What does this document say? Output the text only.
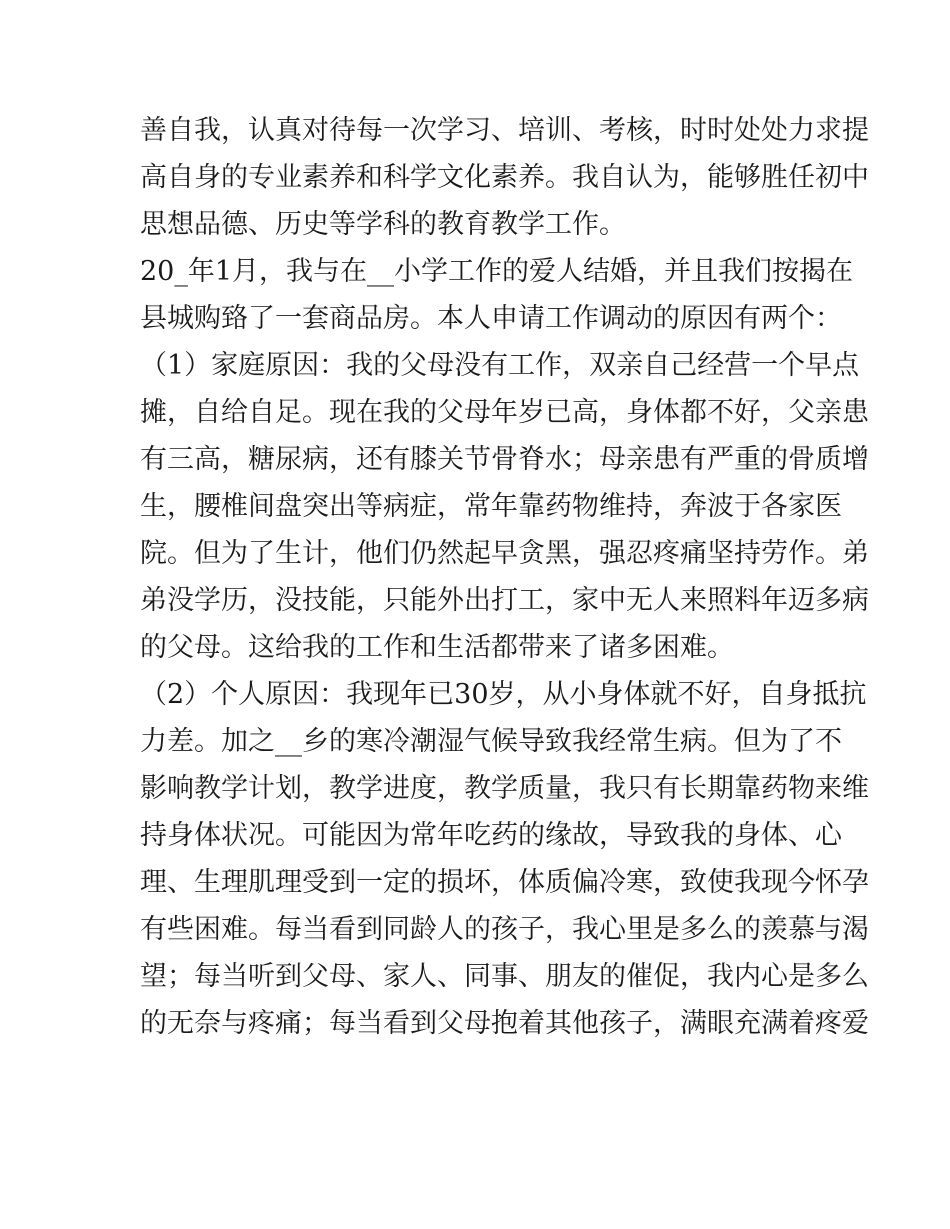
善自我，认真对待每一次学习、培训、考核，时时处处力求提
高自身的专业素养和科学文化素养。我自认为，能够胜任初中
思想品德、历史等学科的教育教学工作。
20_年1月，我与在__小学工作的爱人结婚，并且我们按揭在
县城购臵了一套商品房。本人申请工作调动的原因有两个：
（1）家庭原因：我的父母没有工作，双亲自己经营一个早点
摊，自给自足。现在我的父母年岁已高，身体都不好，父亲患
有三高，糖尿病，还有膝关节骨脊水；母亲患有严重的骨质增
生，腰椎间盘突出等病症，常年靠药物维持，奔波于各家医
院。但为了生计，他们仍然起早贪黑，强忍疼痛坚持劳作。弟
弟没学历，没技能，只能外出打工，家中无人来照料年迈多病
的父母。这给我的工作和生活都带来了诸多困难。
（2）个人原因：我现年已30岁，从小身体就不好，自身抵抗
力差。加之__乡的寒冷潮湿气候导致我经常生病。但为了不
影响教学计划，教学进度，教学质量，我只有长期靠药物来维
持身体状况。可能因为常年吃药的缘故，导致我的身体、心
理、生理肌理受到一定的损坏，体质偏冷寒，致使我现今怀孕
有些困难。每当看到同龄人的孩子，我心里是多么的羡慕与渴
望；每当听到父母、家人、同事、朋友的催促，我内心是多么
的无奈与疼痛；每当看到父母抱着其他孩子，满眼充满着疼爱
